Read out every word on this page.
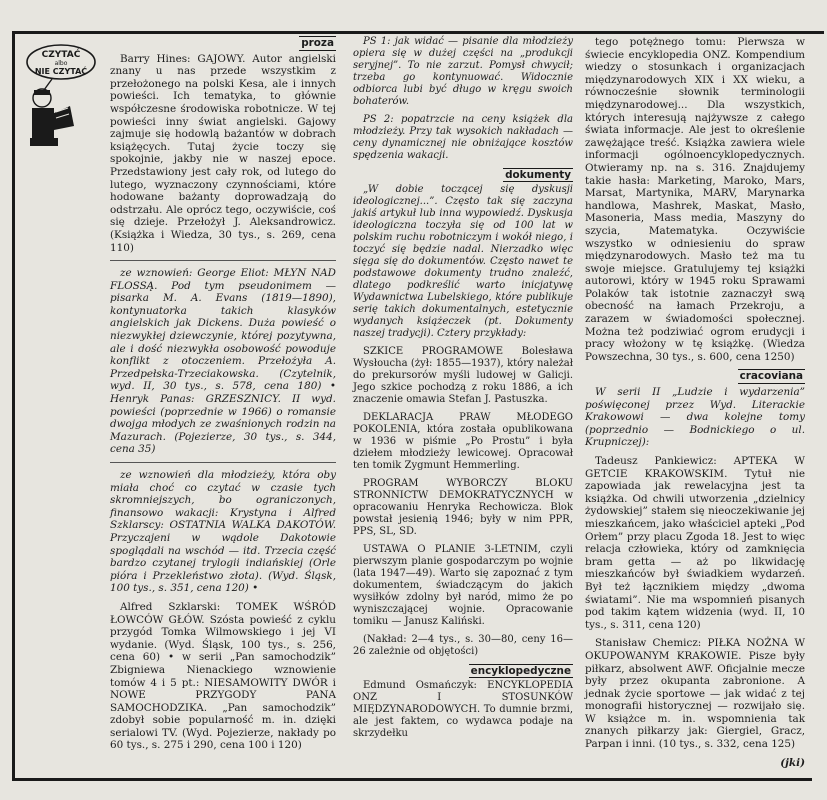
CZYTAĆ
albo
NIE CZYTAĆ
proza

Barry Hines: GAJOWY. Autor angielski znany u nas przede wszystkim z przełożonego na polski Kesa, ale i innych powieści. Ich tematyka, to głównie współczesne środowiska robotnicze. W tej powieści inny świat angielski. Gajowy zajmuje się hodowlą bażantów w dobrach książęcych. Tutaj życie toczy się spokojnie, jakby nie w naszej epoce. Przedstawiony jest cały rok, od lutego do lutego, wyznaczony czynnościami, które hodowane bażanty doprowadzają do odstrzału. Ale oprócz tego, oczywiście, coś się dzieje. Przełożył J. Aleksandrowicz. (Książka i Wiedza, 30 tys., s. 269, cena 110)

ze wznowień: George Eliot: MŁYN NAD FLOSSĄ. Pod tym pseudonimem — pisarka M. A. Evans (1819—1890), kontynuatorka takich klasyków angielskich jak Dickens. Duża powieść o niezwykłej dziewczynie, której pozytywna, ale i dość niezwykła osobowość powoduje konflikt z otoczeniem. Przełożyła A. Przedpełska-Trzeciakowska. (Czytelnik, wyd. II, 30 tys., s. 578, cena 180) • Henryk Panas: GRZESZNICY. II wyd. powieści (poprzednie w 1966) o romansie dwojga młodych ze zwaśnionych rodzin na Mazurach. (Pojezierze, 30 tys., s. 344, cena 35)

ze wznowień dla młodzieży, która oby miała choć co czytać w czasie tych skromniejszych, bo ograniczonych, finansowo wakacji: Krystyna i Alfred Szklarscy: OSTATNIA WALKA DAKOTÓW. Przyczajeni w wądole Dakotowie spoglądali na wschód — itd. Trzecia część bardzo czytanej trylogii indiańskiej (Orle pióra i Przekleństwo złota). (Wyd. Śląsk, 100 tys., s. 351, cena 120) •

Alfred Szklarski: TOMEK WŚRÓD ŁOWCÓW GŁÓW. Szósta powieść z cyklu przygód Tomka Wilmowskiego i jej VI wydanie. (Wyd. Śląsk, 100 tys., s. 256, cena 60) • w serii „Pan samochodzik” Zbigniewa Nienackiego wznowienie tomów 4 i 5 pt.: NIESAMOWITY DWÓR i NOWE PRZYGODY PANA SAMOCHODZIKA. „Pan samochodzik” zdobył sobie popularność m. in. dzięki serialowi TV. (Wyd. Pojezierze, nakłady po 60 tys., s. 275 i 290, cena 100 i 120)

PS 1: jak widać — pisanie dla młodzieży opiera się w dużej części na „produkcji seryjnej”. To nie zarzut. Pomysł chwycił; trzeba go kontynuować. Widocznie odbiorca lubi być długo w kręgu swoich bohaterów.

PS 2: popatrzcie na ceny książek dla młodzieży. Przy tak wysokich nakładach — ceny dynamicznej nie obniżające kosztów spędzenia wakacji.

dokumenty

„W dobie toczącej się dyskusji ideologicznej...”. Często tak się zaczyna jakiś artykuł lub inna wypowiedź. Dyskusja ideologiczna toczyła się od 100 lat w polskim ruchu robotniczym i wokół niego, i toczyć się będzie nadal. Nierzadko więc sięga się do dokumentów. Często nawet te podstawowe dokumenty trudno znaleźć, dlatego podkreślić warto inicjatywę Wydawnictwa Lubelskiego, które publikuje serię takich dokumentalnych, estetycznie wydanych książeczek (pt. Dokumenty naszej tradycji). Cztery przykłady:

SZKICE PROGRAMOWE Bolesława Wysłoucha (żył: 1855—1937), który należał do prekursorów myśli ludowej w Galicji. Jego szkice pochodzą z roku 1886, a ich znaczenie omawia Stefan J. Pastuszka.

DEKLARACJA PRAW MŁODEGO POKOLENIA, która została opublikowana w 1936 w piśmie „Po Prostu” i była dziełem młodzieży lewicowej. Opracował ten tomik Zygmunt Hemmerling.

PROGRAM WYBORCZY BLOKU STRONNICTW DEMOKRATYCZNYCH w opracowaniu Henryka Rechowicza. Blok powstał jesienią 1946; były w nim PPR, PPS, SL, SD.

USTAWA O PLANIE 3-LETNIM, czyli pierwszym planie gospodarczym po wojnie (lata 1947—49). Warto się zapoznać z tym dokumentem, świadczącym do jakich wysiłków zdolny był naród, mimo że po wyniszczającej wojnie. Opracowanie tomiku — Janusz Kaliński.

(Nakład: 2—4 tys., s. 30—80, ceny 16—26 zależnie od objętości)

encyklopedyczne

Edmund Osmańczyk: ENCYKLOPEDIA ONZ I STOSUNKÓW MIĘDZYNARODOWYCH. To dumnie brzmi, ale jest faktem, co wydawca podaje na skrzydełku

tego potężnego tomu: Pierwsza w świecie encyklopedia ONZ. Kompendium wiedzy o stosunkach i organizacjach międzynarodowych XIX i XX wieku, a równocześnie słownik terminologii międzynarodowej... Dla wszystkich, których interesują najżywsze z całego świata informacje. Ale jest to określenie zawężające treść. Książka zawiera wiele informacji ogólnoencyklopedycznych. Otwieramy np. na s. 316. Znajdujemy takie hasła: Marketing, Maroko, Mars, Marsat, Martynika, MARV, Marynarka handlowa, Mashrek, Maskat, Masło, Masoneria, Mass media, Maszyny do szycia, Matematyka. Oczywiście wszystko w odniesieniu do spraw międzynarodowych. Masło też ma tu swoje miejsce. Gratulujemy tej książki autorowi, który w 1945 roku Sprawami Polaków tak istotnie zaznaczył swą obecność na łamach Przekroju, a zarazem w świadomości społecznej. Można też podziwiać ogrom erudycji i pracy włożony w tę książkę. (Wiedza Powszechna, 30 tys., s. 600, cena 1250)

cracoviana

W serii II „Ludzie i wydarzenia” poświęconej przez Wyd. Literackie Krakowowi — dwa kolejne tomy (poprzednio — Bodnickiego o ul. Krupniczej):

Tadeusz Pankiewicz: APTEKA W GETCIE KRAKOWSKIM. Tytuł nie zapowiada jak rewelacyjna jest ta książka. Od chwili utworzenia „dzielnicy żydowskiej” stałem się nieoczekiwanie jej mieszkańcem, jako właściciel apteki „Pod Orłem” przy placu Zgoda 18. Jest to więc relacja człowieka, który od zamknięcia bram getta — aż po likwidację mieszkańców był świadkiem wydarzeń. Był też łącznikiem między „dwoma światami”. Nie ma wspomnień pisanych pod takim kątem widzenia (wyd. II, 10 tys., s. 311, cena 120)

Stanisław Chemicz: PIŁKA NOŻNA W OKUPOWANYM KRAKOWIE. Pisze były piłkarz, absolwent AWF. Oficjalnie mecze były przez okupanta zabronione. A jednak życie sportowe — jak widać z tej monografii historycznej — rozwijało się. W książce m. in. wspomnienia tak znanych piłkarzy jak: Giergiel, Gracz, Parpan i inni. (10 tys., s. 332, cena 125)

(jki)
